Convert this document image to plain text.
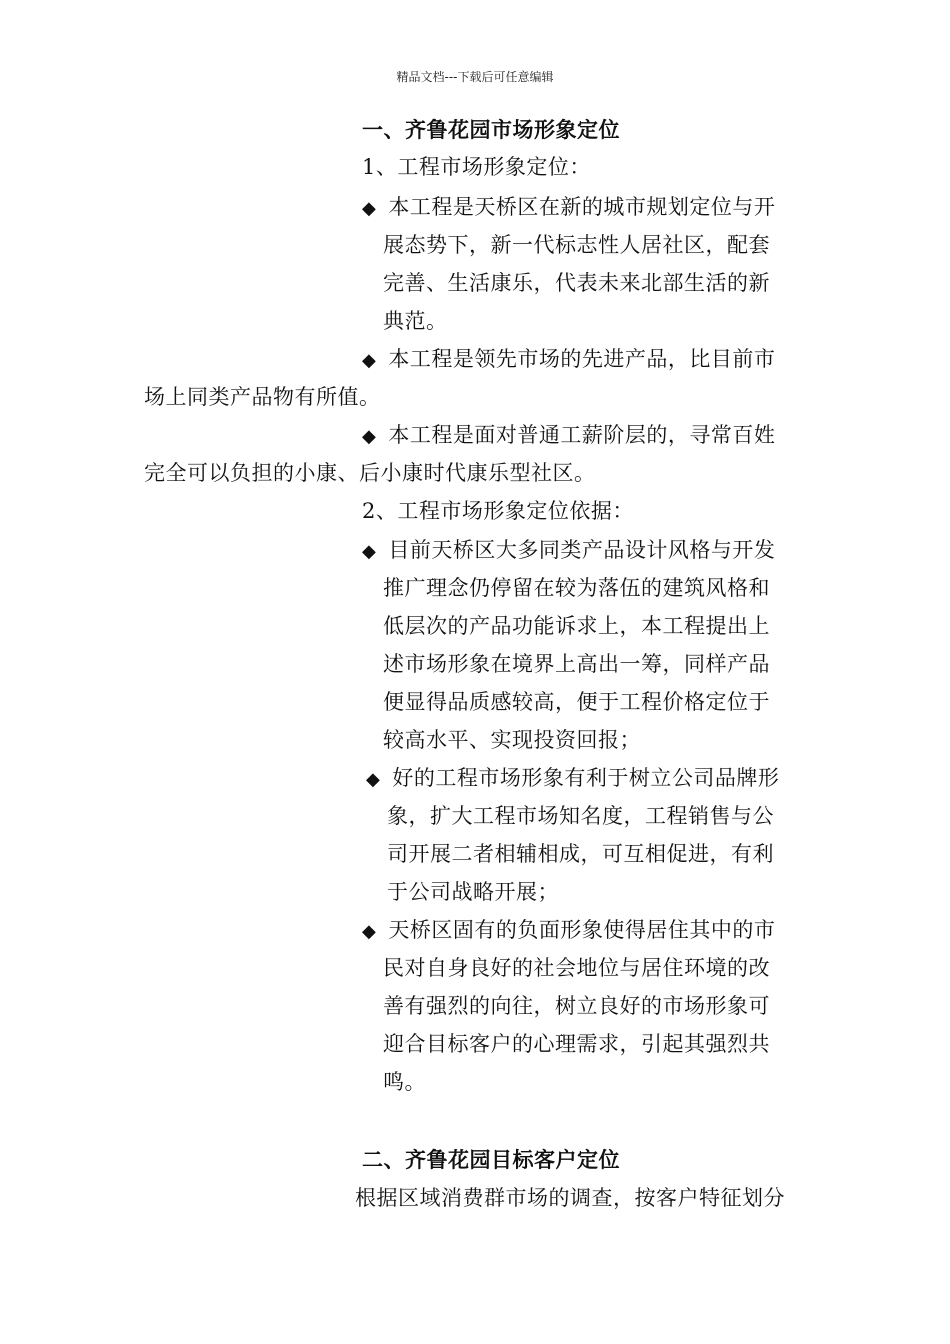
精品文档---下载后可任意编辑
一、齐鲁花园市场形象定位
1、工程市场形象定位：
◆ 本工程是天桥区在新的城市规划定位与开
展态势下，新一代标志性人居社区，配套
完善、生活康乐，代表未来北部生活的新
典范。
◆ 本工程是领先市场的先进产品，比目前市
场上同类产品物有所值。
◆ 本工程是面对普通工薪阶层的，寻常百姓
完全可以负担的小康、后小康时代康乐型社区。
2、工程市场形象定位依据：
◆ 目前天桥区大多同类产品设计风格与开发
推广理念仍停留在较为落伍的建筑风格和
低层次的产品功能诉求上，本工程提出上
述市场形象在境界上高出一筹，同样产品
便显得品质感较高，便于工程价格定位于
较高水平、实现投资回报；
◆ 好的工程市场形象有利于树立公司品牌形
象，扩大工程市场知名度，工程销售与公
司开展二者相辅相成，可互相促进，有利
于公司战略开展；
◆ 天桥区固有的负面形象使得居住其中的市
民对自身良好的社会地位与居住环境的改
善有强烈的向往，树立良好的市场形象可
迎合目标客户的心理需求，引起其强烈共
鸣。
二、齐鲁花园目标客户定位
根据区域消费群市场的调查，按客户特征划分
